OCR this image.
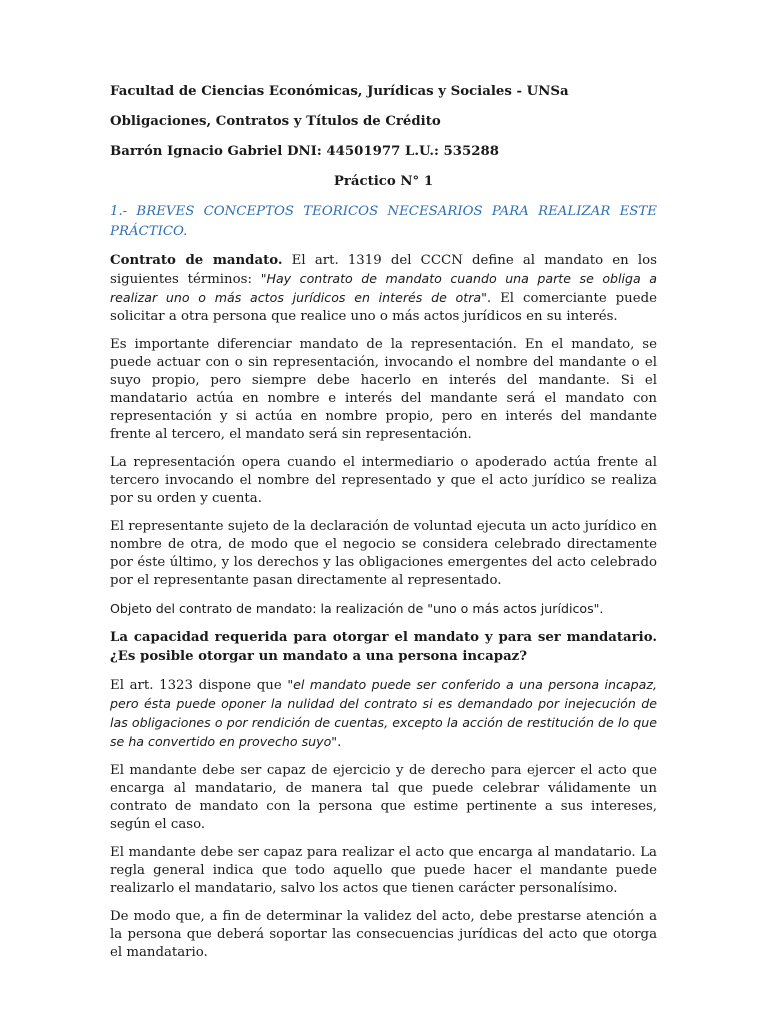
Facultad de Ciencias Económicas, Jurídicas y Sociales - UNSa
Obligaciones, Contratos y Títulos de Crédito
Barrón Ignacio Gabriel DNI: 44501977 L.U.: 535288
Práctico N° 1
1.- BREVES CONCEPTOS TEORICOS NECESARIOS PARA REALIZAR ESTE PRÁCTICO.

Contrato de mandato. El art. 1319 del CCCN define al mandato en los siguientes términos: "Hay contrato de mandato cuando una parte se obliga a realizar uno o más actos jurídicos en interés de otra". El comerciante puede solicitar a otra persona que realice uno o más actos jurídicos en su interés.

Es importante diferenciar mandato de la representación. En el mandato, se puede actuar con o sin representación, invocando el nombre del mandante o el suyo propio, pero siempre debe hacerlo en interés del mandante. Si el mandatario actúa en nombre e interés del mandante será el mandato con representación y si actúa en nombre propio, pero en interés del mandante frente al tercero, el mandato será sin representación.

La representación opera cuando el intermediario o apoderado actúa frente al tercero invocando el nombre del representado y que el acto jurídico se realiza por su orden y cuenta.

El representante sujeto de la declaración de voluntad ejecuta un acto jurídico en nombre de otra, de modo que el negocio se considera celebrado directamente por éste último, y los derechos y las obligaciones emergentes del acto celebrado por el representante pasan directamente al representado.

Objeto del contrato de mandato: la realización de "uno o más actos jurídicos".

La capacidad requerida para otorgar el mandato y para ser mandatario. ¿Es posible otorgar un mandato a una persona incapaz?

El art. 1323 dispone que "el mandato puede ser conferido a una persona incapaz, pero ésta puede oponer la nulidad del contrato si es demandado por inejecución de las obligaciones o por rendición de cuentas, excepto la acción de restitución de lo que se ha convertido en provecho suyo".

El mandante debe ser capaz de ejercicio y de derecho para ejercer el acto que encarga al mandatario, de manera tal que puede celebrar válidamente un contrato de mandato con la persona que estime pertinente a sus intereses, según el caso.

El mandante debe ser capaz para realizar el acto que encarga al mandatario. La regla general indica que todo aquello que puede hacer el mandante puede realizarlo el mandatario, salvo los actos que tienen carácter personalísimo.

De modo que, a fin de determinar la validez del acto, debe prestarse atención a la persona que deberá soportar las consecuencias jurídicas del acto que otorga el mandatario.
